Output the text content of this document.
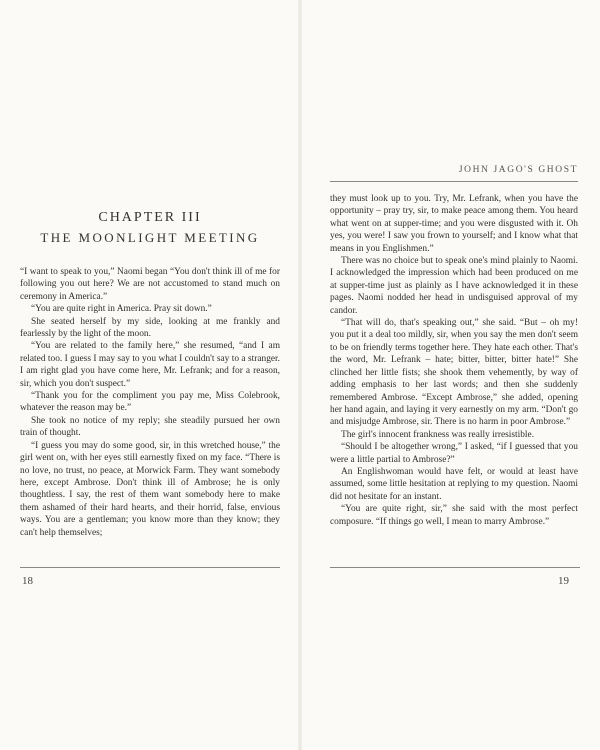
CHAPTER III
THE MOONLIGHT MEETING

“I want to speak to you,” Naomi began “You don't think ill of me for following you out here? We are not accustomed to stand much on ceremony in America.”

“You are quite right in America. Pray sit down.”

She seated herself by my side, looking at me frankly and fearlessly by the light of the moon.

“You are related to the family here,” she resumed, “and I am related too. I guess I may say to you what I couldn't say to a stranger. I am right glad you have come here, Mr. Lefrank; and for a reason, sir, which you don't suspect.”

“Thank you for the compliment you pay me, Miss Colebrook, whatever the reason may be.”

She took no notice of my reply; she steadily pursued her own train of thought.

“I guess you may do some good, sir, in this wretched house,” the girl went on, with her eyes still earnestly fixed on my face. “There is no love, no trust, no peace, at Morwick Farm. They want somebody here, except Ambrose. Don't think ill of Ambrose; he is only thoughtless. I say, the rest of them want somebody here to make them ashamed of their hard hearts, and their horrid, false, envious ways. You are a gentleman; you know more than they know; they can't help themselves;

18
JOHN JAGO'S GHOST

they must look up to you. Try, Mr. Lefrank, when you have the opportunity – pray try, sir, to make peace among them. You heard what went on at supper-time; and you were disgusted with it. Oh yes, you were! I saw you frown to yourself; and I know what that means in you Englishmen.”

There was no choice but to speak one's mind plainly to Naomi. I acknowledged the impression which had been produced on me at supper-time just as plainly as I have acknowledged it in these pages. Naomi nodded her head in undisguised approval of my candor.

“That will do, that's speaking out,” she said. “But – oh my! you put it a deal too mildly, sir, when you say the men don't seem to be on friendly terms together here. They hate each other. That's the word, Mr. Lefrank – hate; bitter, bitter, bitter hate!” She clinched her little fists; she shook them vehemently, by way of adding emphasis to her last words; and then she suddenly remembered Ambrose. “Except Ambrose,” she added, opening her hand again, and laying it very earnestly on my arm. “Don't go and misjudge Ambrose, sir. There is no harm in poor Ambrose.”

The girl's innocent frankness was really irresistible.

“Should I be altogether wrong,” I asked, “if I guessed that you were a little partial to Ambrose?”

An Englishwoman would have felt, or would at least have assumed, some little hesitation at replying to my question. Naomi did not hesitate for an instant.

“You are quite right, sir,” she said with the most perfect composure. “If things go well, I mean to marry Ambrose.”

19
